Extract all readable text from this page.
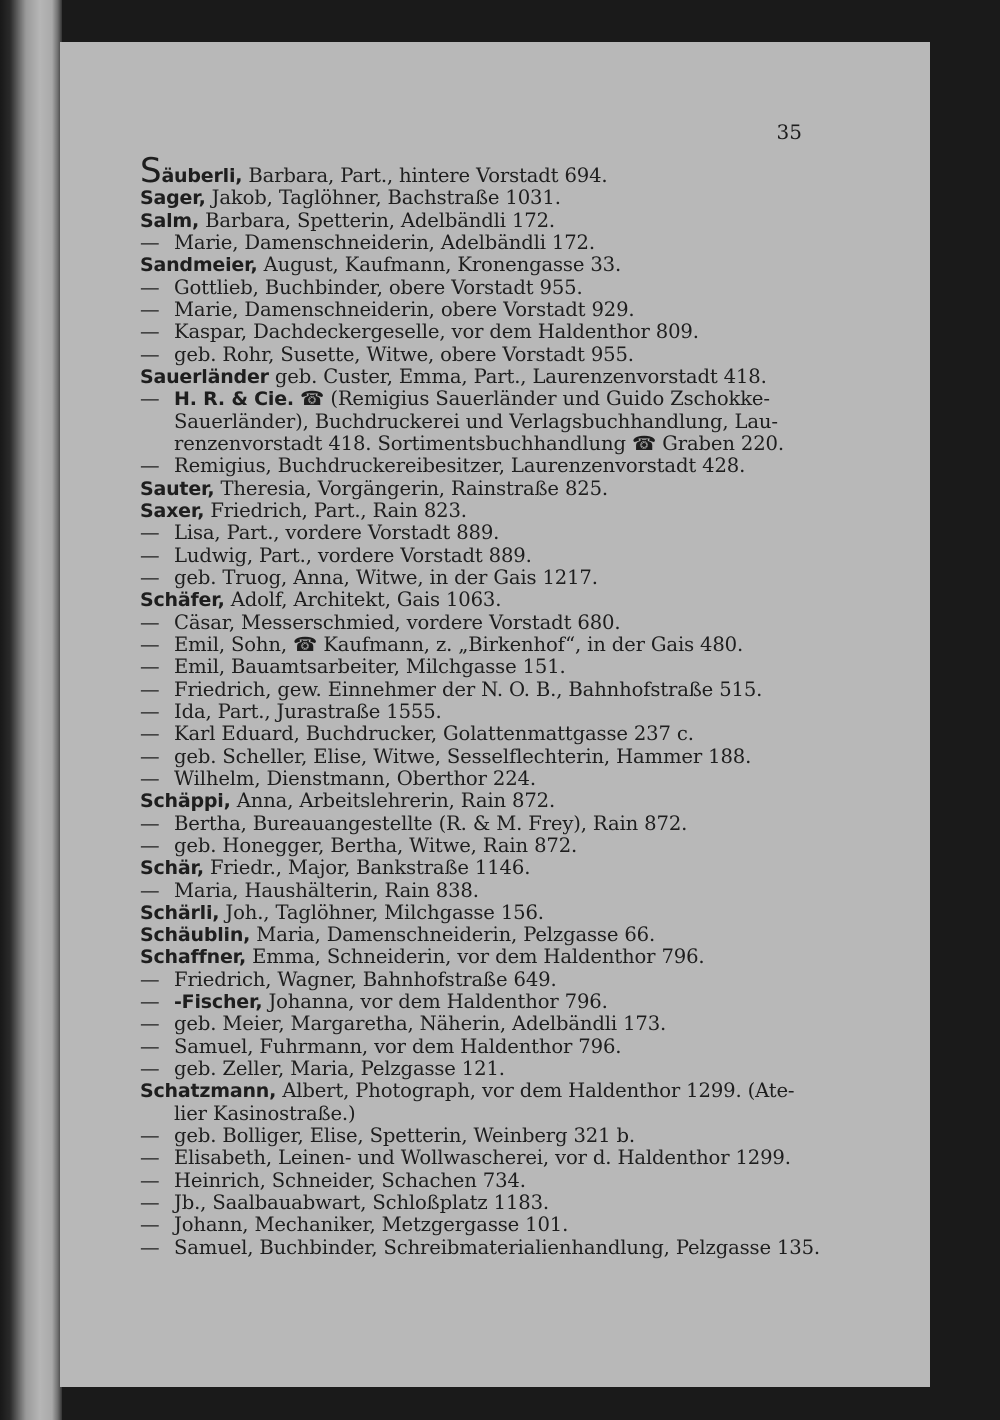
35
Säuberli, Barbara, Part., hintere Vorstadt 694.
Sager, Jakob, Taglöhner, Bachstraße 1031.
Salm, Barbara, Spetterin, Adelbändli 172.
— Marie, Damenschneiderin, Adelbändli 172.
Sandmeier, August, Kaufmann, Kronengasse 33.
— Gottlieb, Buchbinder, obere Vorstadt 955.
— Marie, Damenschneiderin, obere Vorstadt 929.
— Kaspar, Dachdeckergeselle, vor dem Haldenthor 809.
— geb. Rohr, Susette, Witwe, obere Vorstadt 955.
Sauerländer geb. Custer, Emma, Part., Laurenzenvorstadt 418.
— H. R. & Cie. ☎ (Remigius Sauerländer und Guido Zschokke-
Sauerländer), Buchdruckerei und Verlagsbuchhandlung, Lau-
renzenvorstadt 418. Sortimentsbuchhandlung ☎ Graben 220.
— Remigius, Buchdruckereibesitzer, Laurenzenvorstadt 428.
Sauter, Theresia, Vorgängerin, Rainstraße 825.
Saxer, Friedrich, Part., Rain 823.
— Lisa, Part., vordere Vorstadt 889.
— Ludwig, Part., vordere Vorstadt 889.
— geb. Truog, Anna, Witwe, in der Gais 1217.
Schäfer, Adolf, Architekt, Gais 1063.
— Cäsar, Messerschmied, vordere Vorstadt 680.
— Emil, Sohn, ☎ Kaufmann, z. „Birkenhof“, in der Gais 480.
— Emil, Bauamtsarbeiter, Milchgasse 151.
— Friedrich, gew. Einnehmer der N. O. B., Bahnhofstraße 515.
— Ida, Part., Jurastraße 1555.
— Karl Eduard, Buchdrucker, Golattenmattgasse 237 c.
— geb. Scheller, Elise, Witwe, Sesselflechterin, Hammer 188.
— Wilhelm, Dienstmann, Oberthor 224.
Schäppi, Anna, Arbeitslehrerin, Rain 872.
— Bertha, Bureauangestellte (R. & M. Frey), Rain 872.
— geb. Honegger, Bertha, Witwe, Rain 872.
Schär, Friedr., Major, Bankstraße 1146.
— Maria, Haushälterin, Rain 838.
Schärli, Joh., Taglöhner, Milchgasse 156.
Schäublin, Maria, Damenschneiderin, Pelzgasse 66.
Schaffner, Emma, Schneiderin, vor dem Haldenthor 796.
— Friedrich, Wagner, Bahnhofstraße 649.
— -Fischer, Johanna, vor dem Haldenthor 796.
— geb. Meier, Margaretha, Näherin, Adelbändli 173.
— Samuel, Fuhrmann, vor dem Haldenthor 796.
— geb. Zeller, Maria, Pelzgasse 121.
Schatzmann, Albert, Photograph, vor dem Haldenthor 1299. (Ate-
lier Kasinostraße.)
— geb. Bolliger, Elise, Spetterin, Weinberg 321 b.
— Elisabeth, Leinen- und Wollwascherei, vor d. Haldenthor 1299.
— Heinrich, Schneider, Schachen 734.
— Jb., Saalbauabwart, Schloßplatz 1183.
— Johann, Mechaniker, Metzgergasse 101.
— Samuel, Buchbinder, Schreibmaterialienhandlung, Pelzgasse 135.
